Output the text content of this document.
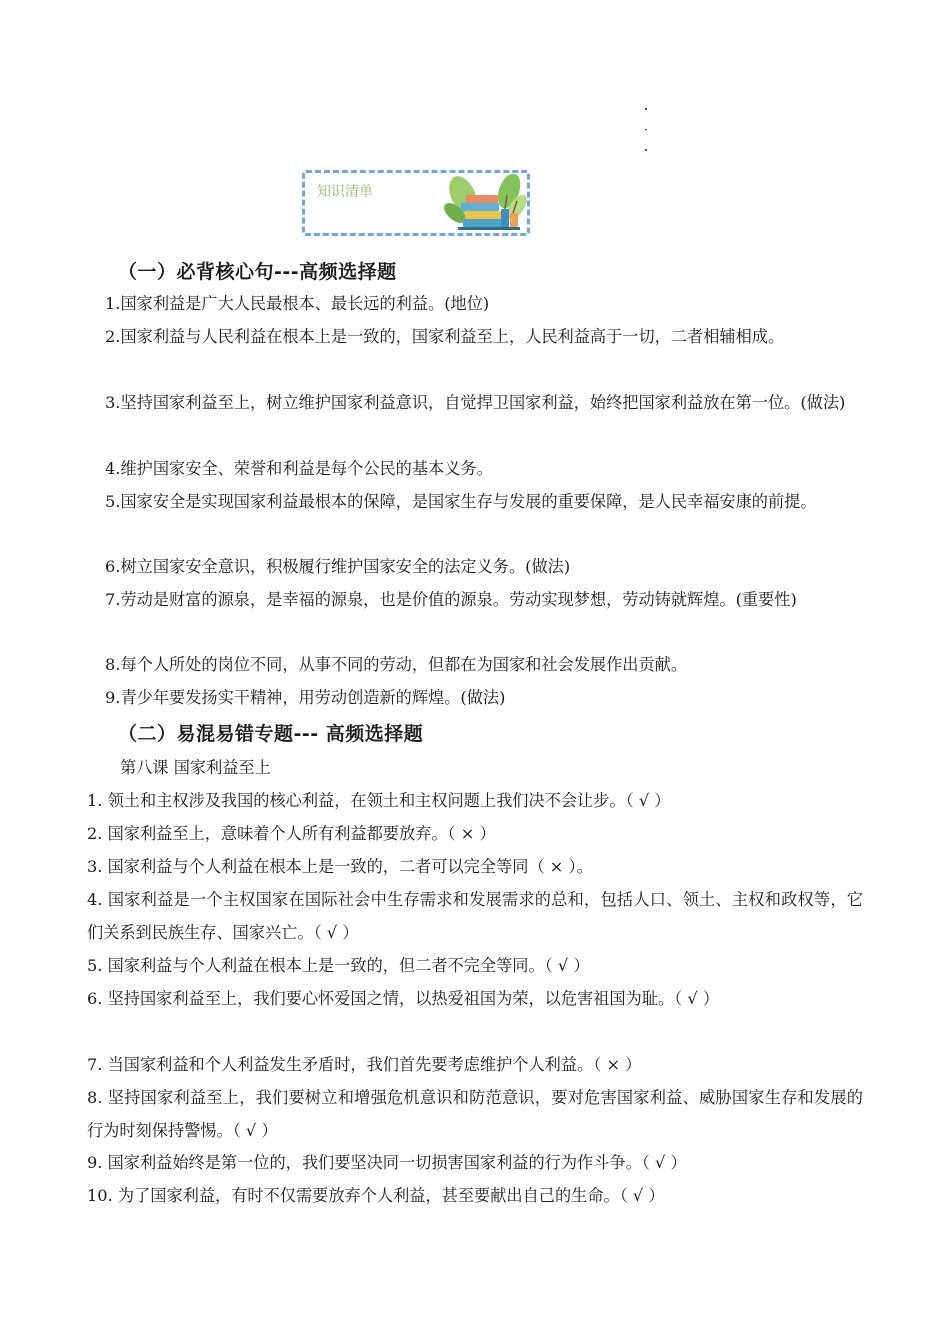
知识清单
（一）必背核心句---高频选择题
1.国家利益是广大人民最根本、最长远的利益。(地位)
2.国家利益与人民利益在根本上是一致的，国家利益至上，人民利益高于一切，二者相辅相成。
3.坚持国家利益至上，树立维护国家利益意识，自觉捍卫国家利益，始终把国家利益放在第一位。(做法)
4.维护国家安全、荣誉和利益是每个公民的基本义务。
5.国家安全是实现国家利益最根本的保障，是国家生存与发展的重要保障，是人民幸福安康的前提。
6.树立国家安全意识，积极履行维护国家安全的法定义务。(做法)
7.劳动是财富的源泉，是幸福的源泉，也是价值的源泉。劳动实现梦想，劳动铸就辉煌。(重要性)
8.每个人所处的岗位不同，从事不同的劳动，但都在为国家和社会发展作出贡献。
9.青少年要发扬实干精神，用劳动创造新的辉煌。(做法)
（二）易混易错专题--- 高频选择题
第八课 国家利益至上
1. 领土和主权涉及我国的核心利益，在领土和主权问题上我们决不会让步。（ √ ）
2. 国家利益至上，意味着个人所有利益都要放弃。（ × ）
3. 国家利益与个人利益在根本上是一致的，二者可以完全等同（ × ）。
4. 国家利益是一个主权国家在国际社会中生存需求和发展需求的总和，包括人口、领土、主权和政权等，它们关系到民族生存、国家兴亡。（ √ ）
5. 国家利益与个人利益在根本上是一致的，但二者不完全等同。（ √ ）
6. 坚持国家利益至上，我们要心怀爱国之情，以热爱祖国为荣，以危害祖国为耻。（ √ ）
7. 当国家利益和个人利益发生矛盾时，我们首先要考虑维护个人利益。（ × ）
8. 坚持国家利益至上，我们要树立和增强危机意识和防范意识，要对危害国家利益、威胁国家生存和发展的行为时刻保持警惕。（ √ ）
9. 国家利益始终是第一位的，我们要坚决同一切损害国家利益的行为作斗争。（ √ ）
10. 为了国家利益，有时不仅需要放弃个人利益，甚至要献出自己的生命。（ √ ）
